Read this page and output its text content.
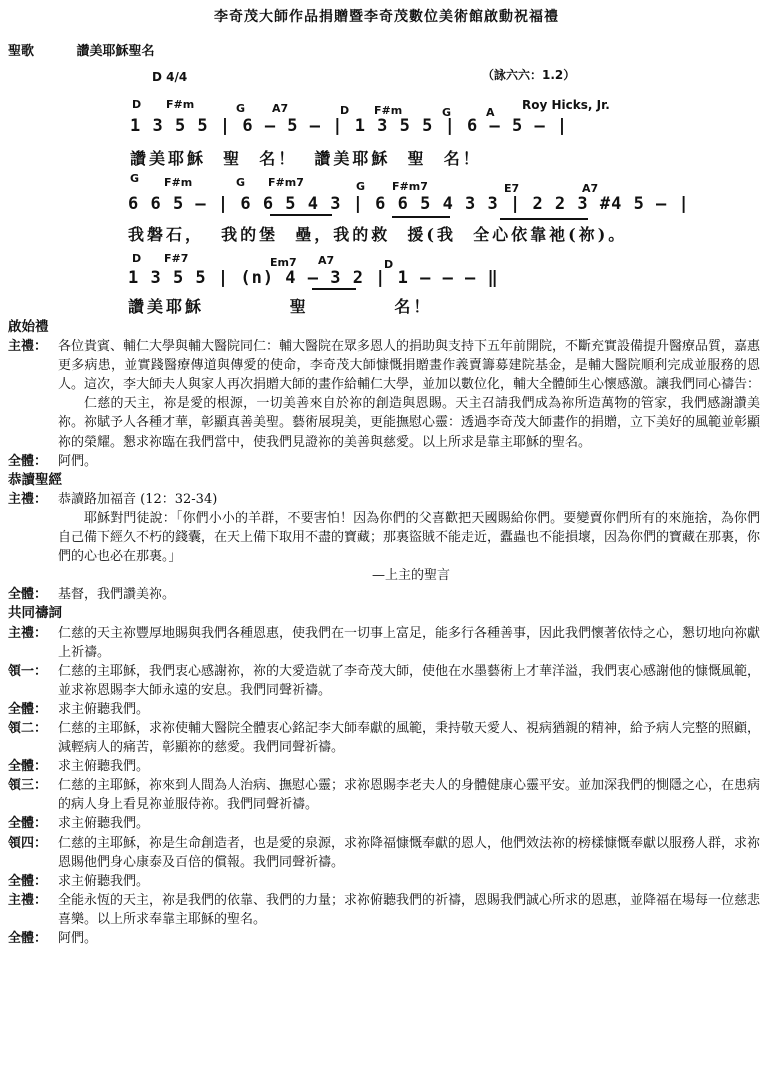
李奇茂大師作品捐贈暨李奇茂數位美術館啟動祝福禮
聖歌	讚美耶穌聖名
D 4/4	（詠六六：1.2）
Roy Hicks, Jr.
D F#m	G A7	D F#m	G	A
1 3 5 5 | 6 — 5 — | 1 3 5 5 | 6 — 5 — |
讚美耶穌  聖  名！  讚美耶穌  聖  名！
G F#m	G F#m7	G F#m7	E7	A7
6 6 5 — | 6 6 5 4 3 | 6 6 5 4 3 3 | 2 2 3 #4 5 — |
我磐石，  我的堡  壘，我的救  援(我  全心依靠祂(祢)。
D F#7	Em7 A7	D
1 3 5 5 | (n) 4 — 3 2 | 1 — — — ‖
讚美耶穌          聖          名！
啟始禮
主禮： 各位貴賓、輔仁大學與輔大醫院同仁：輔大醫院在眾多恩人的捐助與支持下五年前開院，不斷充實設備提升醫療品質，嘉惠更多病患，並實踐醫療傳道與傳愛的使命，李奇茂大師慷慨捐贈畫作義賣籌募建院基金，是輔大醫院順利完成並服務的恩人。這次，李大師夫人與家人再次捐贈大師的畫作給輔仁大學，並加以數位化，輔大全體師生心懷感激。讓我們同心禱告：
仁慈的天主，祢是愛的根源，一切美善來自於祢的創造與恩賜。天主召請我們成為祢所造萬物的管家，我們感謝讚美祢。祢賦予人各種才華，彰顯真善美聖。藝術展現美，更能撫慰心靈：透過李奇茂大師畫作的捐贈，立下美好的風範並彰顯祢的榮耀。懇求祢臨在我們當中，使我們見證祢的美善與慈愛。以上所求是靠主耶穌的聖名。
全體： 阿們。
恭讀聖經
主禮： 恭讀路加福音 (12：32-34)
耶穌對門徒說：「你們小小的羊群，不要害怕！因為你們的父喜歡把天國賜給你們。要變賣你們所有的來施捨，為你們自己備下經久不朽的錢囊，在天上備下取用不盡的寶藏；那裏盜賊不能走近，蠹蟲也不能損壞，因為你們的寶藏在那裏，你們的心也必在那裏。」
—上主的聖言
全體： 基督，我們讚美祢。
共同禱詞
主禮： 仁慈的天主祢豐厚地賜與我們各種恩惠，使我們在一切事上富足，能多行各種善事，因此我們懷著依恃之心，懇切地向祢獻上祈禱。
領一： 仁慈的主耶穌，我們衷心感謝祢，祢的大愛造就了李奇茂大師，使他在水墨藝術上才華洋溢，我們衷心感謝他的慷慨風範，並求祢恩賜李大師永遠的安息。我們同聲祈禱。
全體： 求主俯聽我們。
領二： 仁慈的主耶穌，求祢使輔大醫院全體衷心銘記李大師奉獻的風範，秉持敬天愛人、視病猶親的精神，給予病人完整的照顧，減輕病人的痛苦，彰顯祢的慈愛。我們同聲祈禱。
全體： 求主俯聽我們。
領三： 仁慈的主耶穌，祢來到人間為人治病、撫慰心靈；求祢恩賜李老夫人的身體健康心靈平安。並加深我們的惻隱之心，在患病的病人身上看見祢並服侍祢。我們同聲祈禱。
全體： 求主俯聽我們。
領四： 仁慈的主耶穌，祢是生命創造者，也是愛的泉源，求祢降福慷慨奉獻的恩人，他們效法祢的榜樣慷慨奉獻以服務人群，求祢恩賜他們身心康泰及百倍的償報。我們同聲祈禱。
全體： 求主俯聽我們。
主禮： 全能永恆的天主，祢是我們的依靠、我們的力量；求祢俯聽我們的祈禱，恩賜我們誠心所求的恩惠，並降福在場每一位慈悲喜樂。以上所求奉靠主耶穌的聖名。
全體： 阿們。
